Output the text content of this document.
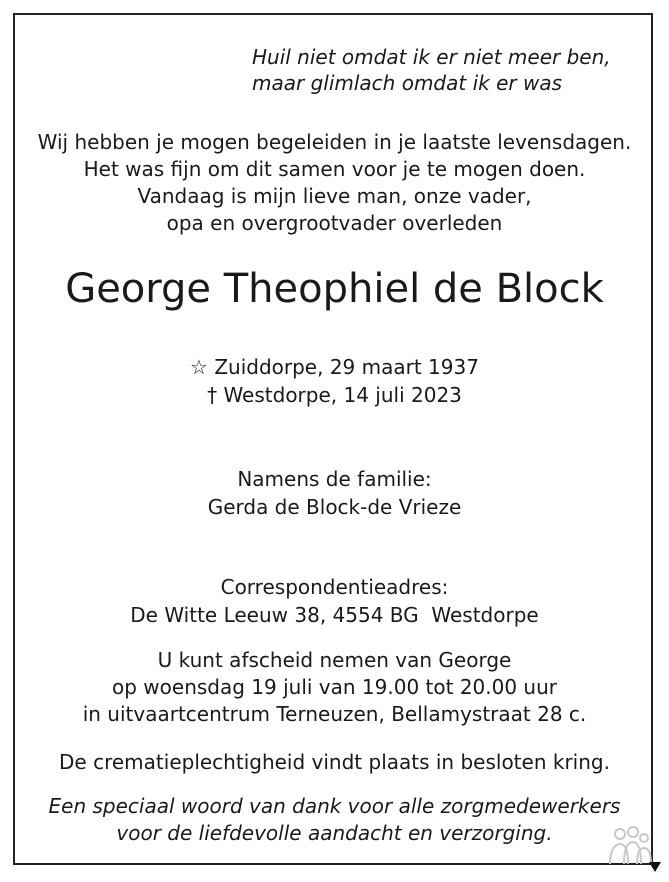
Huil niet omdat ik er niet meer ben,
maar glimlach omdat ik er was
Wij hebben je mogen begeleiden in je laatste levensdagen.
Het was fijn om dit samen voor je te mogen doen.
Vandaag is mijn lieve man, onze vader,
opa en overgrootvader overleden
George Theophiel de Block
☆ Zuiddorpe, 29 maart 1937
† Westdorpe, 14 juli 2023
Namens de familie:
Gerda de Block-de Vrieze
Correspondentieadres:
De Witte Leeuw 38, 4554 BG  Westdorpe
U kunt afscheid nemen van George
op woensdag 19 juli van 19.00 tot 20.00 uur
in uitvaartcentrum Terneuzen, Bellamystraat 28 c.
De crematieplechtigheid vindt plaats in besloten kring.
Een speciaal woord van dank voor alle zorgmedewerkers
voor de liefdevolle aandacht en verzorging.
